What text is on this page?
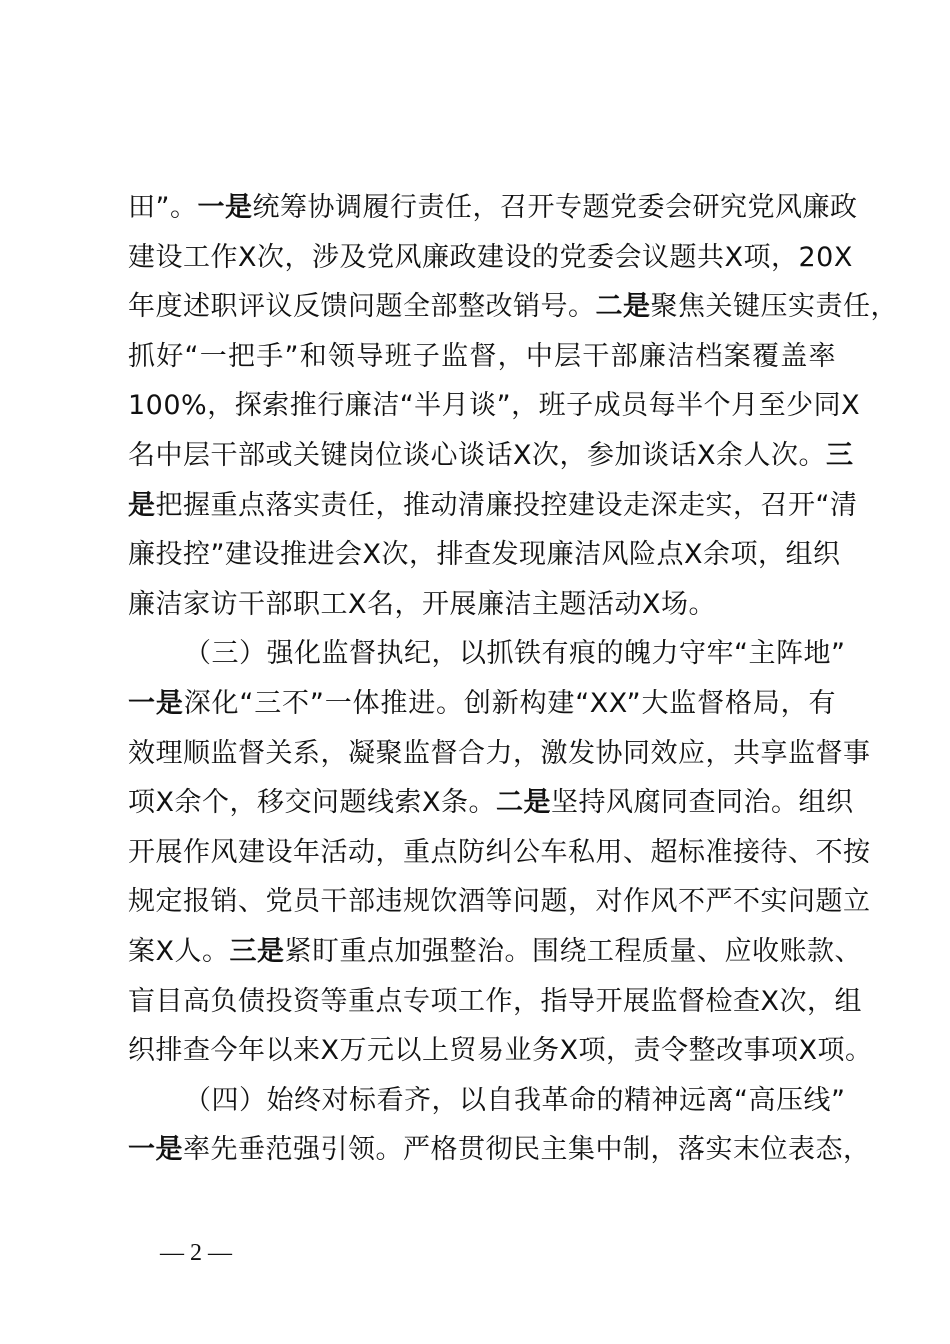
田”。一是统筹协调履行责任，召开专题党委会研究党风廉政
建设工作X次，涉及党风廉政建设的党委会议题共X项，20X
年度述职评议反馈问题全部整改销号。二是聚焦关键压实责任，
抓好“一把手”和领导班子监督，中层干部廉洁档案覆盖率
100%，探索推行廉洁“半月谈”，班子成员每半个月至少同X
名中层干部或关键岗位谈心谈话X次，参加谈话X余人次。三
是把握重点落实责任，推动清廉投控建设走深走实，召开“清
廉投控”建设推进会X次，排查发现廉洁风险点X余项，组织
廉洁家访干部职工X名，开展廉洁主题活动X场。
（三）强化监督执纪，以抓铁有痕的魄力守牢“主阵地”
一是深化“三不”一体推进。创新构建“XX”大监督格局，有
效理顺监督关系，凝聚监督合力，激发协同效应，共享监督事
项X余个，移交问题线索X条。二是坚持风腐同查同治。组织
开展作风建设年活动，重点防纠公车私用、超标准接待、不按
规定报销、党员干部违规饮酒等问题，对作风不严不实问题立
案X人。三是紧盯重点加强整治。围绕工程质量、应收账款、
盲目高负债投资等重点专项工作，指导开展监督检查X次，组
织排查今年以来X万元以上贸易业务X项，责令整改事项X项。
（四）始终对标看齐，以自我革命的精神远离“高压线”
一是率先垂范强引领。严格贯彻民主集中制，落实末位表态，
— 2 —
